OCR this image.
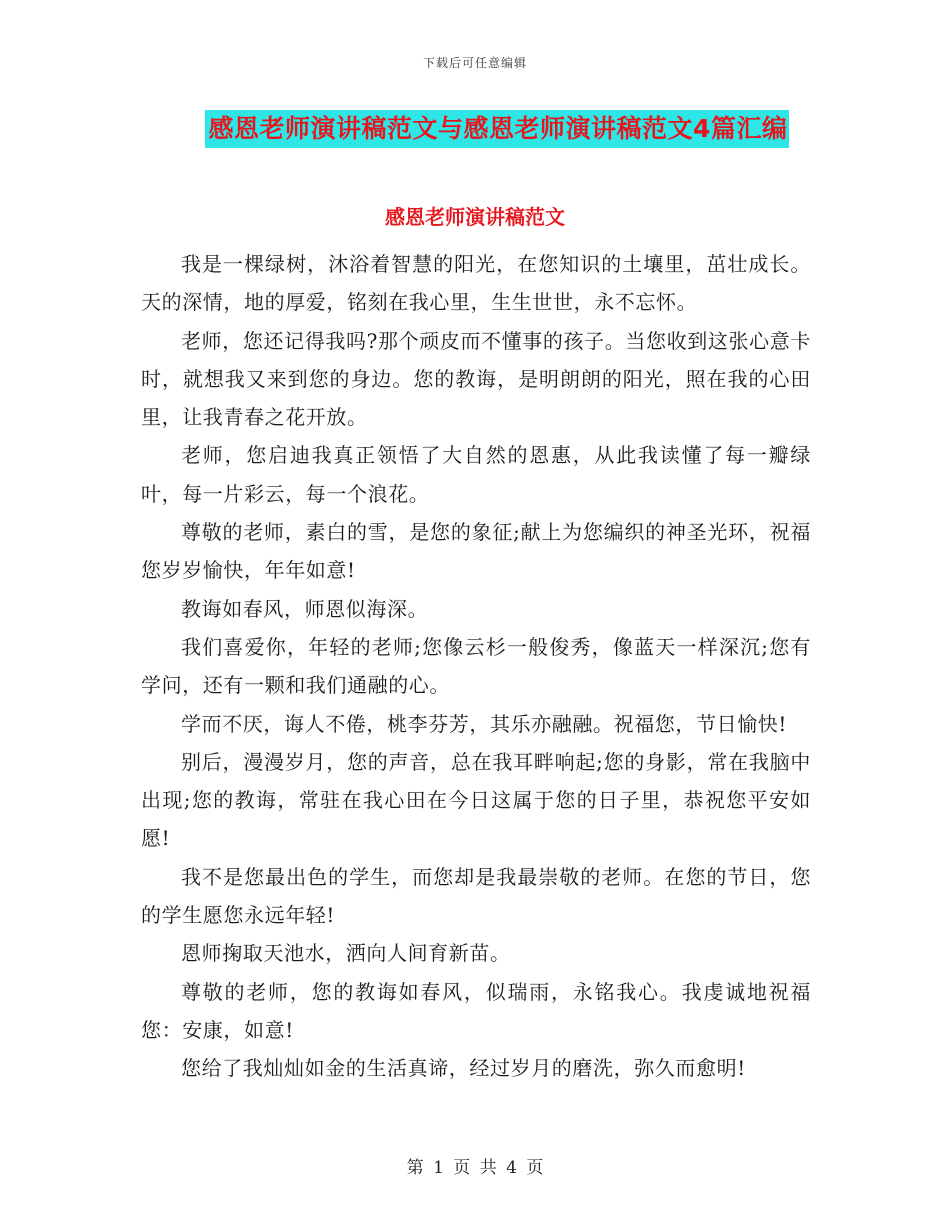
下载后可任意编辑
感恩老师演讲稿范文与感恩老师演讲稿范文4篇汇编
感恩老师演讲稿范文

我是一棵绿树，沐浴着智慧的阳光，在您知识的土壤里，茁壮成长。天的深情，地的厚爱，铭刻在我心里，生生世世，永不忘怀。

老师，您还记得我吗?那个顽皮而不懂事的孩子。当您收到这张心意卡时，就想我又来到您的身边。您的教诲，是明朗朗的阳光，照在我的心田里，让我青春之花开放。

老师，您启迪我真正领悟了大自然的恩惠，从此我读懂了每一瓣绿叶，每一片彩云，每一个浪花。

尊敬的老师，素白的雪，是您的象征;献上为您编织的神圣光环，祝福您岁岁愉快，年年如意!

教诲如春风，师恩似海深。

我们喜爱你，年轻的老师;您像云杉一般俊秀，像蓝天一样深沉;您有学问，还有一颗和我们通融的心。

学而不厌，诲人不倦，桃李芬芳，其乐亦融融。祝福您，节日愉快!

别后，漫漫岁月，您的声音，总在我耳畔响起;您的身影，常在我脑中出现;您的教诲，常驻在我心田在今日这属于您的日子里，恭祝您平安如愿!

我不是您最出色的学生，而您却是我最崇敬的老师。在您的节日，您的学生愿您永远年轻!

恩师掬取天池水，洒向人间育新苗。

尊敬的老师，您的教诲如春风，似瑞雨，永铭我心。我虔诚地祝福您：安康，如意!

您给了我灿灿如金的生活真谛，经过岁月的磨洗，弥久而愈明!

第 1 页 共 4 页
